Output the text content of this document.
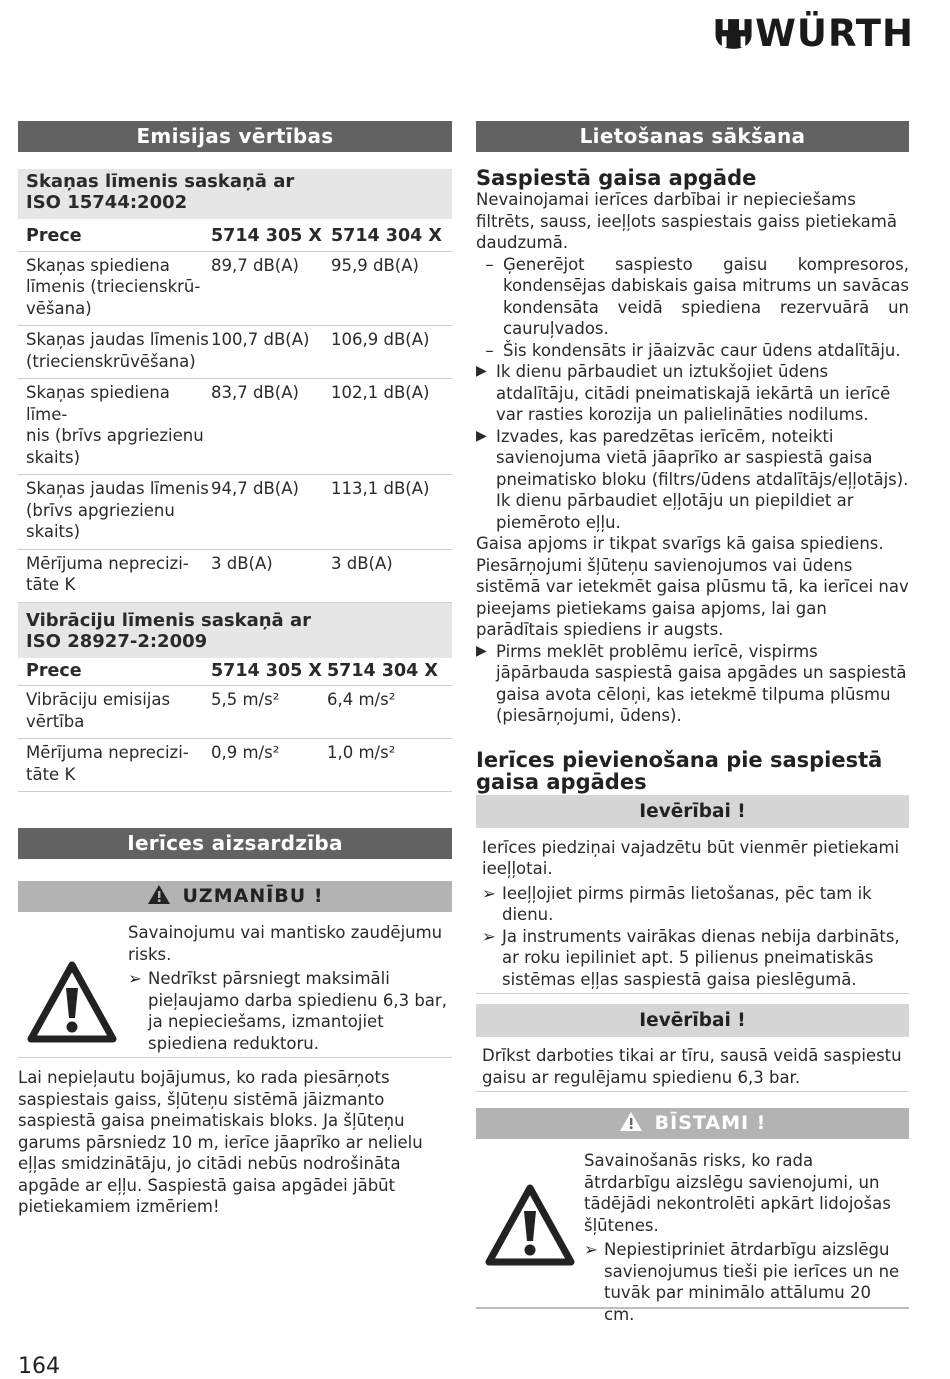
WÜRTH
Emisijas vērtības
Skaņas līmenis saskaņā ar ISO 15744:2002
Prece	5714 305 X 5714 304 X
Skaņas spiediena
līmenis (triecienskrū-
vēšana)
89,7 dB(A)	95,9 dB(A)
Skaņas jaudas līmenis
(triecienskrūvēšana)
100,7 dB(A)	106,9 dB(A)
Skaņas spiediena līme-
nis (brīvs apgriezienu
skaits)
83,7 dB(A)	102,1 dB(A)
Skaņas jaudas līmenis
(brīvs apgriezienu
skaits)
94,7 dB(A)	113,1 dB(A)
Mērījuma neprecizi-
tāte K
3 dB(A)	3 dB(A)
Vibrāciju līmenis saskaņā ar ISO 28927-2:2009
Prece	5714 305 X 5714 304 X
Vibrāciju emisijas
vērtība
5,5 m/s²	6,4 m/s²
Mērījuma neprecizi-
tāte K
0,9 m/s²	1,0 m/s²
Ierīces aizsardzība
UZMANĪBU !
Savainojumu vai mantisko zaudējumu risks.
➢ Nedrīkst pārsniegt maksimāli pieļaujamo darba spiedienu 6,3 bar, ja nepieciešams, izmantojiet spiediena reduktoru.
Lai nepieļautu bojājumus, ko rada piesārņots saspiestais gaiss, šļūteņu sistēmā jāizmanto saspiestā gaisa pneimatiskais bloks. Ja šļūteņu garums pārsniedz 10 m, ierīce jāaprīko ar nelielu eļļas smidzinātāju, jo citādi nebūs nodrošināta apgāde ar eļļu. Saspiestā gaisa apgādei jābūt pietiekamiem izmēriem!
Lietošanas sākšana
Saspiestā gaisa apgāde
Nevainojamai ierīces darbībai ir nepieciešams filtrēts, sauss, ieeļļots saspiestais gaiss pietiekamā daudzumā.
– Ģenerējot saspiesto gaisu kompresoros, kondensējas dabiskais gaisa mitrums un savācas kondensāta veidā spiediena rezervuārā un cauruļvados.
– Šis kondensāts ir jāaizvāc caur ūdens atdalītāju.
▶ Ik dienu pārbaudiet un iztukšojiet ūdens atdalītāju, citādi pneimatiskajā iekārtā un ierīcē var rasties korozija un palielināties nodilums.
▶ Izvades, kas paredzētas ierīcēm, noteikti savienojuma vietā jāaprīko ar saspiestā gaisa pneimatisko bloku (filtrs/ūdens atdalītājs/eļļotājs). Ik dienu pārbaudiet eļļotāju un piepildiet ar piemēroto eļļu.
Gaisa apjoms ir tikpat svarīgs kā gaisa spiediens. Piesārņojumi šļūteņu savienojumos vai ūdens sistēmā var ietekmēt gaisa plūsmu tā, ka ierīcei nav pieejams pietiekams gaisa apjoms, lai gan parādītais spiediens ir augsts.
▶ Pirms meklēt problēmu ierīcē, vispirms jāpārbauda saspiestā gaisa apgādes un saspiestā gaisa avota cēloņi, kas ietekmē tilpuma plūsmu (piesārņojumi, ūdens).
Ierīces pievienošana pie saspiestā gaisa apgādes
Ievērībai !
Ierīces piedziņai vajadzētu būt vienmēr pietiekami ieeļļotai.
➢ Ieeļļojiet pirms pirmās lietošanas, pēc tam ik dienu.
➢ Ja instruments vairākas dienas nebija darbināts, ar roku iepiliniet apt. 5 pilienus pneimatiskās sistēmas eļļas saspiestā gaisa pieslēgumā.
Ievērībai !
Drīkst darboties tikai ar tīru, sausā veidā saspiestu gaisu ar regulējamu spiedienu 6,3 bar.
BĪSTAMI !
Savainošanās risks, ko rada ātrdarbīgu aizslēgu savienojumi, un tādējādi nekontrolēti apkārt lidojošas šļūtenes.
➢ Nepiestipriniet ātrdarbīgu aizslēgu savienojumus tieši pie ierīces un ne tuvāk par minimālo attālumu 20 cm.
164
